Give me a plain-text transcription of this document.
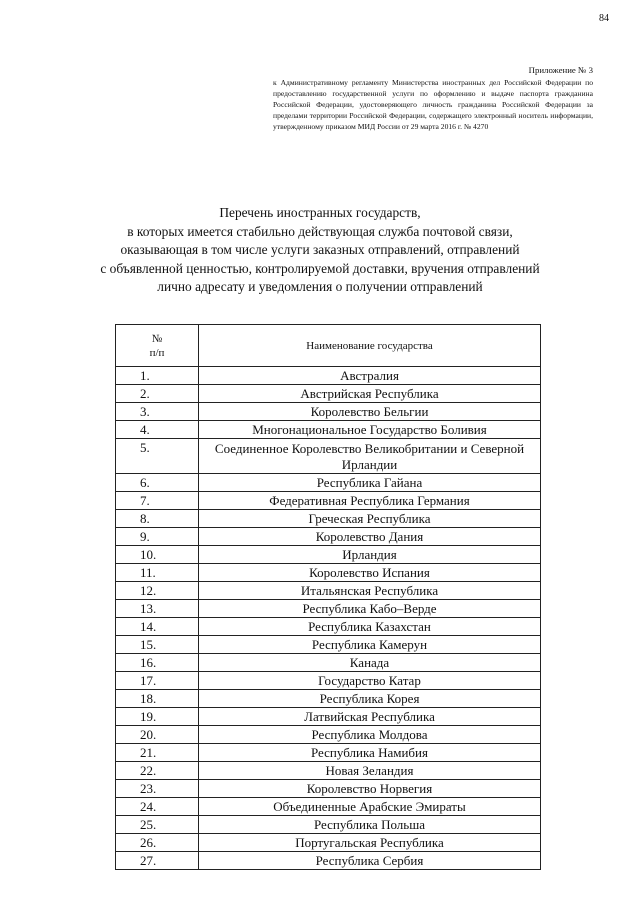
84
Приложение № 3
к Административному регламенту Министерства иностранных дел Российской Федерации по предоставлению государственной услуги по оформлению и выдаче паспорта гражданина Российской Федерации, удостоверяющего личность гражданина Российской Федерации за пределами территории Российской Федерации, содержащего электронный носитель информации, утвержденному приказом МИД России от 29 марта 2016 г. № 4270
Перечень иностранных государств,
в которых имеется стабильно действующая служба почтовой связи,
оказывающая в том числе услуги заказных отправлений, отправлений
с объявленной ценностью, контролируемой доставки, вручения отправлений
лично адресату и уведомления о получении отправлений
№
п/п	Наименование государства
1.	Австралия
2.	Австрийская Республика
3.	Королевство Бельгии
4.	Многонациональное Государство Боливия
5.	Соединенное Королевство Великобритании и Северной Ирландии
6.	Республика Гайана
7.	Федеративная Республика Германия
8.	Греческая Республика
9.	Королевство Дания
10.	Ирландия
11.	Королевство Испания
12.	Итальянская Республика
13.	Республика Кабо–Верде
14.	Республика Казахстан
15.	Республика Камерун
16.	Канада
17.	Государство Катар
18.	Республика Корея
19.	Латвийская Республика
20.	Республика Молдова
21.	Республика Намибия
22.	Новая Зеландия
23.	Королевство Норвегия
24.	Объединенные Арабские Эмираты
25.	Республика Польша
26.	Португальская Республика
27.	Республика Сербия
